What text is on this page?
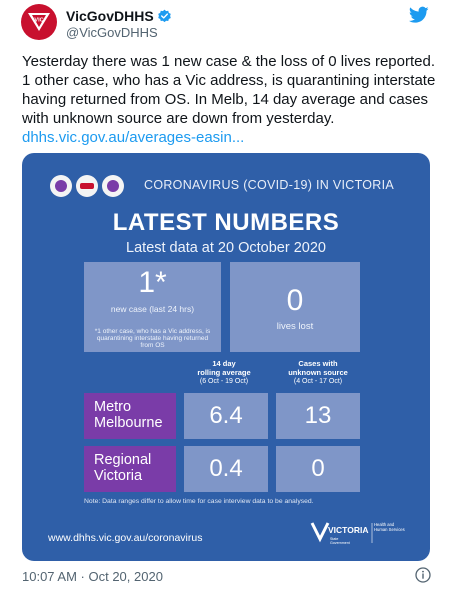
VIC VicGovDHHS
@VicGovDHHS
Yesterday there was 1 new case & the loss of 0 lives reported. 1 other case, who has a Vic address, is quarantining interstate having returned from OS. In Melb, 14 day average and cases with unknown source are down from yesterday. dhhs.vic.gov.au/averages-easin...
CORONAVIRUS (COVID-19) IN VICTORIA
LATEST NUMBERS
Latest data at 20 October 2020
1*
new case (last 24 hrs)
*1 other case, who has a Vic address, is quarantining interstate having returned from OS
0
lives lost
14 day
rolling average
(6 Oct - 19 Oct)
Cases with
unknown source
(4 Oct - 17 Oct)
Metro
Melbourne	6.4	13
Regional
Victoria	0.4	0
Note: Data ranges differ to allow time for case interview data to be analysed.
www.dhhs.vic.gov.au/coronavirus
VICTORIA
State
Government
Health and Human Services
10:07 AM · Oct 20, 2020
